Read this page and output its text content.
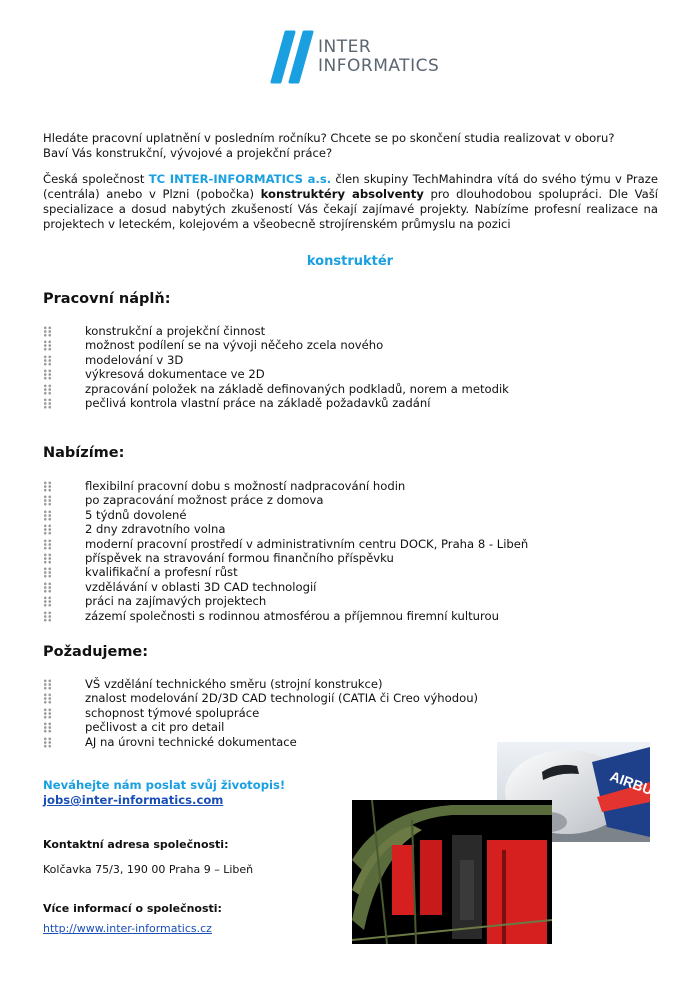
INTER
INFORMATICS
Hledáte pracovní uplatnění v posledním ročníku? Chcete se po skončení studia realizovat v oboru?
Baví Vás konstrukční, vývojové a projekční práce?
Česká společnost TC INTER-INFORMATICS a.s. člen skupiny TechMahindra vítá do svého týmu v Praze (centrála) anebo v Plzni (pobočka) konstruktéry absolventy pro dlouhodobou spolupráci. Dle Vaší specializace a dosud nabytých zkušeností Vás čekají zajímavé projekty. Nabízíme profesní realizace na projektech v leteckém, kolejovém a všeobecně strojírenském průmyslu na pozici
konstruktér
Pracovní náplň:
konstrukční a projekční činnost
možnost podílení se na vývoji něčeho zcela nového
modelování v 3D
výkresová dokumentace ve 2D
zpracování položek na základě definovaných podkladů, norem a metodik
pečlivá kontrola vlastní práce na základě požadavků zadání
Nabízíme:
flexibilní pracovní dobu s možností nadpracování hodin
po zapracování možnost práce z domova
5 týdnů dovolené
2 dny zdravotního volna
moderní pracovní prostředí v administrativním centru DOCK, Praha 8 - Libeň
příspěvek na stravování formou finančního příspěvku
kvalifikační a profesní růst
vzdělávání v oblasti 3D CAD technologií
práci na zajímavých projektech
zázemí společnosti s rodinnou atmosférou a příjemnou firemní kulturou
Požadujeme:
VŠ vzdělání technického směru (strojní konstrukce)
znalost modelování 2D/3D CAD technologií (CATIA či Creo výhodou)
schopnost týmové spolupráce
pečlivost a cit pro detail
AJ na úrovni technické dokumentace
Neváhejte nám poslat svůj životopis!
jobs@inter-informatics.com
Kontaktní adresa společnosti:
Kolčavka 75/3, 190 00 Praha 9 – Libeň
Více informací o společnosti:
http://www.inter-informatics.cz
AIRBU
